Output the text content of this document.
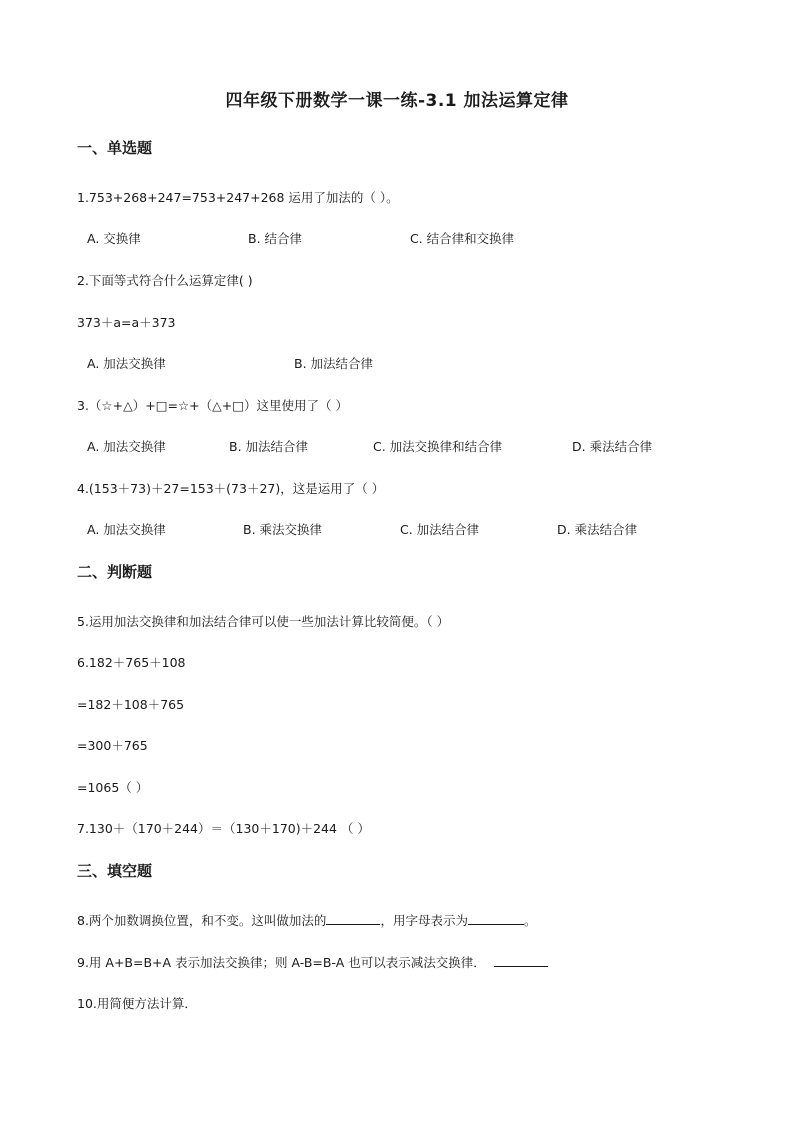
四年级下册数学一课一练-3.1 加法运算定律
一、单选题
1.753+268+247=753+247+268 运用了加法的（ ）。
A. 交换律	B. 结合律	C. 结合律和交换律
2.下面等式符合什么运算定律( )
373＋a=a＋373
A. 加法交换律	B. 加法结合律
3.（☆+△）+□=☆+（△+□）这里使用了（ ）
A. 加法交换律	B. 加法结合律	C. 加法交换律和结合律	D. 乘法结合律
4.(153＋73)＋27=153＋(73＋27)，这是运用了（ ）
A. 加法交换律	B. 乘法交换律	C. 加法结合律	D. 乘法结合律
二、判断题
5.运用加法交换律和加法结合律可以使一些加法计算比较简便。（ ）
6.182＋765＋108
=182＋108＋765
=300＋765
=1065（ ）
7.130＋（170＋244）＝（130＋170)＋244 （ ）
三、填空题
8.两个加数调换位置，和不变。这叫做加法的	，用字母表示为	。
9.用 A+B=B+A 表示加法交换律；则 A-B=B-A 也可以表示减法交换律．
10.用简便方法计算．
